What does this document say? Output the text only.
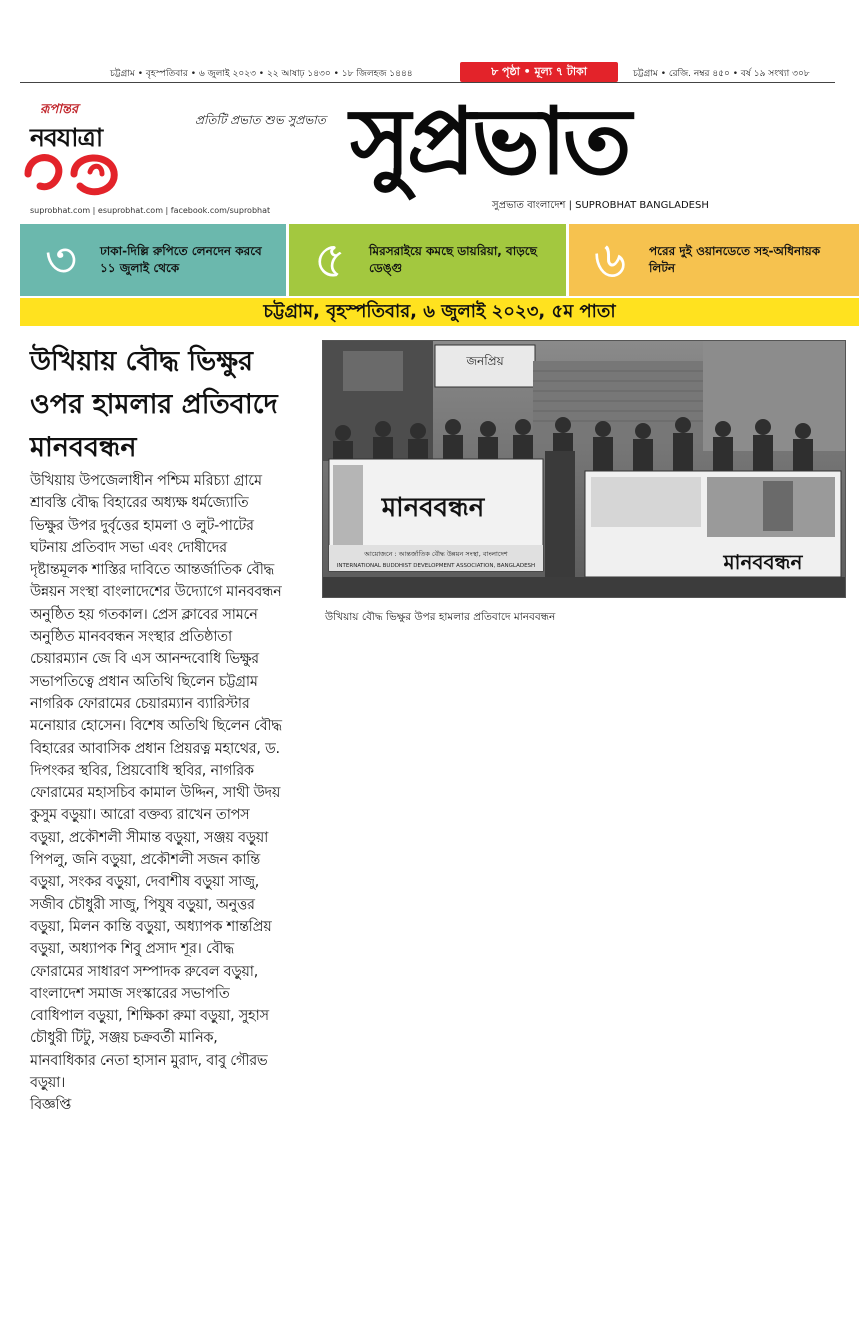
চট্টগ্রাম • বৃহস্পতিবার • ৬ জুলাই ২০২৩ • ২২ আষাঢ় ১৪৩০ • ১৮ জিলহজ ১৪৪৪	৮ পৃষ্ঠা • মূল্য ৭ টাকা	চট্টগ্রাম • রেজি. নম্বর ৪৫০ • বর্ষ ১৯ সংখ্যা ৩০৮
রূপান্তর
নবযাত্রা
suprobhat.com | esuprobhat.com | facebook.com/suprobhat
প্রতিটি প্রভাত শুভ সুপ্রভাত সুপ্রভাত
সুপ্রভাত বাংলাদেশ | SUPROBHAT BANGLADESH
৩	ঢাকা-দিল্লি রুপিতে লেনদেন করবে ১১ জুলাই থেকে	৫	মিরসরাইয়ে কমছে ডায়রিয়া, বাড়ছে ডেঙ্গু	৬	পরের দুই ওয়ানডেতে সহ-অধিনায়ক লিটন
চট্টগ্রাম, বৃহস্পতিবার, ৬ জুলাই ২০২৩, ৫ম পাতা
উখিয়ায় বৌদ্ধ ভিক্ষুর ওপর হামলার প্রতিবাদে মানববন্ধন

উখিয়ায় উপজেলাধীন পশ্চিম মরিচ্যা গ্রামে শ্রাবস্তি বৌদ্ধ বিহারের অধ্যক্ষ ধর্মজ্যোতি ভিক্ষুর উপর দুর্বৃত্তের হামলা ও লুট-পাটের ঘটনায় প্রতিবাদ সভা এবং দোষীদের দৃষ্টান্তমূলক শাস্তির দাবিতে আন্তর্জাতিক বৌদ্ধ উন্নয়ন সংস্থা বাংলাদেশের উদ্যোগে মানববন্ধন অনুষ্ঠিত হয় গতকাল। প্রেস ক্লাবের সামনে অনুষ্ঠিত মানববন্ধন সংস্থার প্রতিষ্ঠাতা চেয়ারম্যান জে বি এস আনন্দবোধি ভিক্ষুর সভাপতিত্বে প্রধান অতিথি ছিলেন চট্টগ্রাম নাগরিক ফোরামের চেয়ারম্যান ব্যারিস্টার মনোয়ার হোসেন। বিশেষ অতিথি ছিলেন বৌদ্ধ বিহারের আবাসিক প্রধান প্রিয়রত্ন মহাথের, ড. দিপংকর স্থবির, প্রিয়বোধি স্থবির, নাগরিক ফোরামের মহাসচিব কামাল উদ্দিন, সাথী উদয় কুসুম বড়ুয়া। আরো বক্তব্য রাখেন তাপস বড়ুয়া, প্রকৌশলী সীমান্ত বড়ুয়া, সঞ্জয় বড়ুয়া পিপলু, জনি বড়ুয়া, প্রকৌশলী সজন কান্তি বড়ুয়া, সংকর বড়ুয়া, দেবাশীষ বড়ুয়া সাজু, সজীব চৌধুরী সাজু, পিযুষ বড়ুয়া, অনুত্তর বড়ুয়া, মিলন কান্তি বড়ুয়া, অধ্যাপক শান্তপ্রিয় বড়ুয়া, অধ্যাপক শিবু প্রসাদ শূর। বৌদ্ধ ফোরামের সাধারণ সম্পাদক রুবেল বড়ুয়া, বাংলাদেশ সমাজ সংস্কারের সভাপতি বোধিপাল বড়ুয়া, শিক্ষিকা রুমা বড়ুয়া, সুহাস চৌধুরী টিটু, সঞ্জয় চক্রবর্তী মানিক, মানবাধিকার নেতা হাসান মুরাদ, বাবু গৌরভ বড়ুয়া।

বিজ্ঞপ্তি

জনপ্রিয়
মানববন্ধন
আয়োজনে : আন্তর্জাতিক বৌদ্ধ উন্নয়ন সংস্থা, বাংলাদেশ
INTERNATIONAL BUDDHIST DEVELOPMENT ASSOCIATION, BANGLADESH	মানববন্ধন
উখিয়ায় বৌদ্ধ ভিক্ষুর উপর হামলার প্রতিবাদে মানববন্ধন
